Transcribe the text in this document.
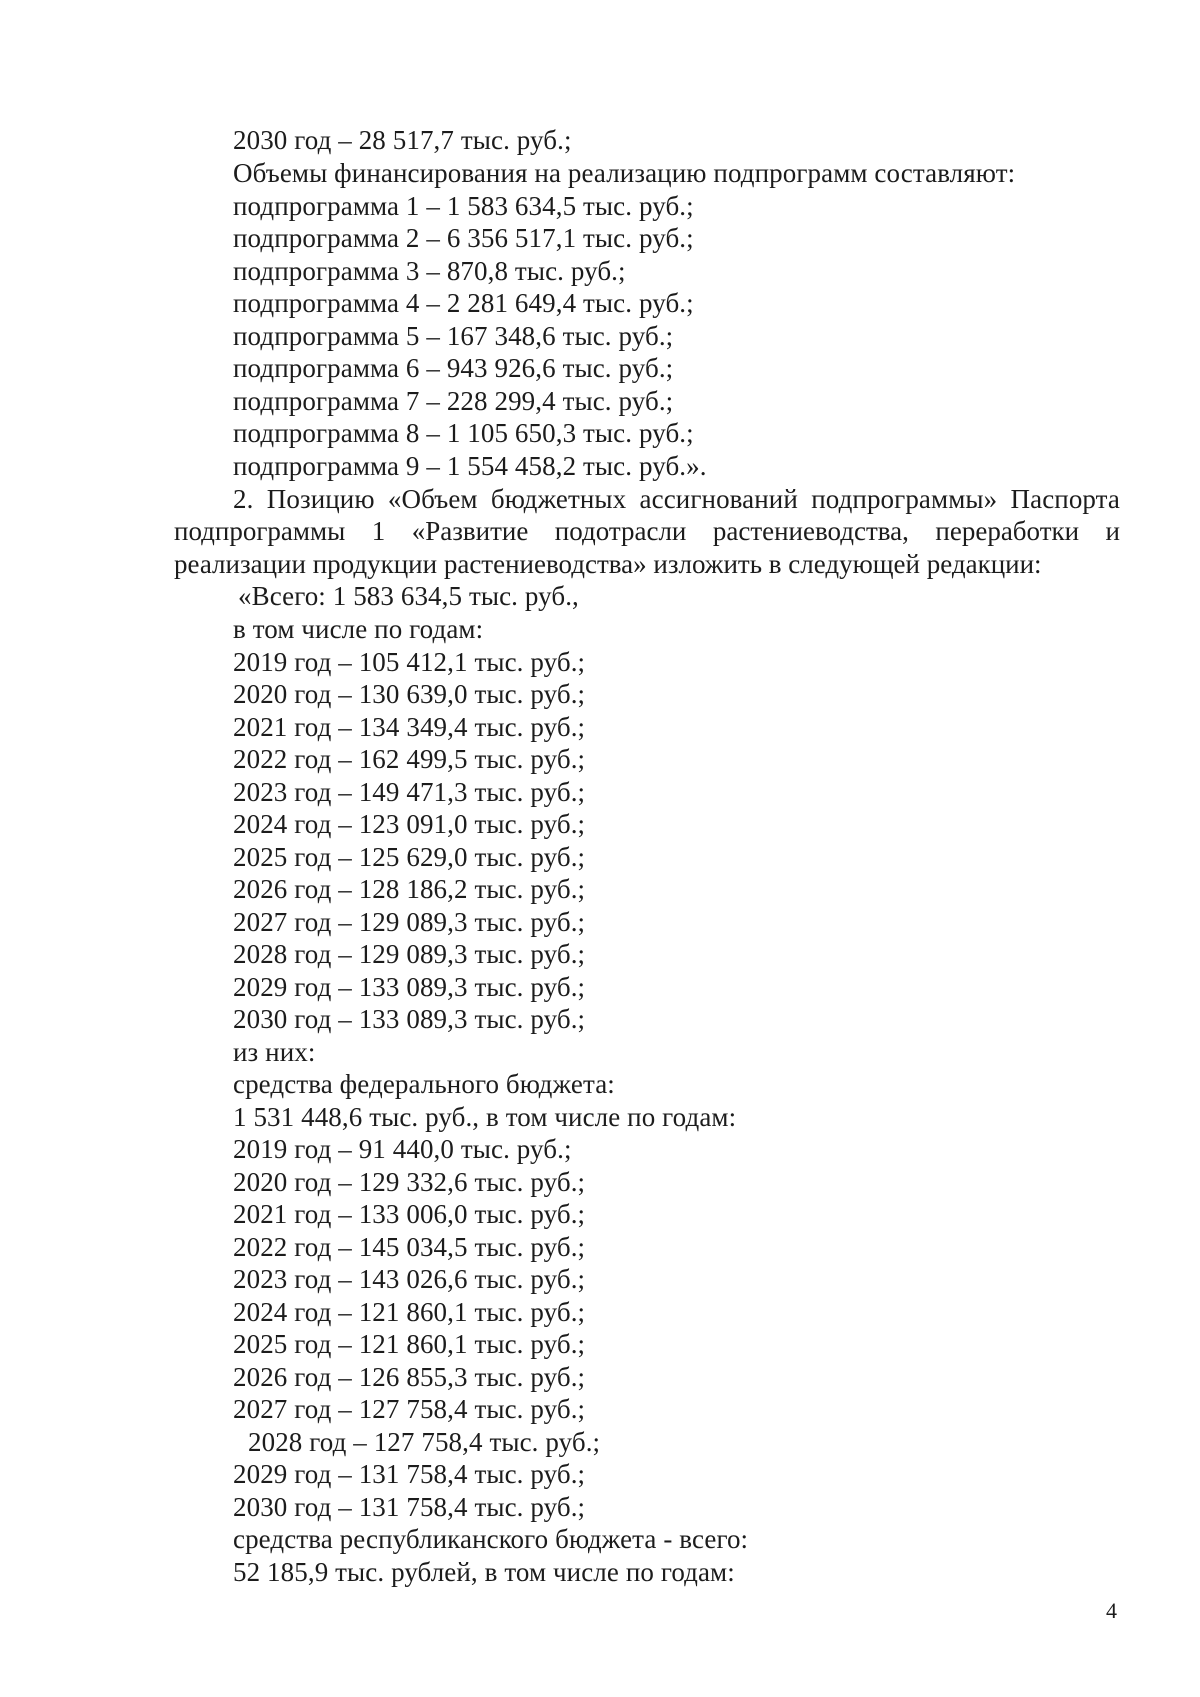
2030 год – 28 517,7 тыс. руб.;
Объемы финансирования на реализацию подпрограмм составляют:
подпрограмма 1 – 1 583 634,5 тыс. руб.;
подпрограмма 2 – 6 356 517,1 тыс. руб.;
подпрограмма 3 – 870,8 тыс. руб.;
подпрограмма 4 – 2 281 649,4 тыс. руб.;
подпрограмма 5 – 167 348,6 тыс. руб.;
подпрограмма 6 – 943 926,6 тыс. руб.;
подпрограмма 7 – 228 299,4 тыс. руб.;
подпрограмма 8 – 1 105 650,3 тыс. руб.;
подпрограмма 9 – 1 554 458,2 тыс. руб.».
2. Позицию «Объем бюджетных ассигнований подпрограммы» Паспорта
подпрограммы 1 «Развитие подотрасли растениеводства, переработки и
реализации продукции растениеводства» изложить в следующей редакции:
«Всего: 1 583 634,5 тыс. руб.,
в том числе по годам:
2019 год – 105 412,1 тыс. руб.;
2020 год – 130 639,0 тыс. руб.;
2021 год – 134 349,4 тыс. руб.;
2022 год – 162 499,5 тыс. руб.;
2023 год – 149 471,3 тыс. руб.;
2024 год – 123 091,0 тыс. руб.;
2025 год – 125 629,0 тыс. руб.;
2026 год – 128 186,2 тыс. руб.;
2027 год – 129 089,3 тыс. руб.;
2028 год – 129 089,3 тыс. руб.;
2029 год – 133 089,3 тыс. руб.;
2030 год – 133 089,3 тыс. руб.;
из них:
средства федерального бюджета:
1 531 448,6 тыс. руб., в том числе по годам:
2019 год – 91 440,0 тыс. руб.;
2020 год – 129 332,6 тыс. руб.;
2021 год – 133 006,0 тыс. руб.;
2022 год – 145 034,5 тыс. руб.;
2023 год – 143 026,6 тыс. руб.;
2024 год – 121 860,1 тыс. руб.;
2025 год – 121 860,1 тыс. руб.;
2026 год – 126 855,3 тыс. руб.;
2027 год – 127 758,4 тыс. руб.;
2028 год – 127 758,4 тыс. руб.;
2029 год – 131 758,4 тыс. руб.;
2030 год – 131 758,4 тыс. руб.;
средства республиканского бюджета - всего:
52 185,9 тыс. рублей, в том числе по годам:
4
